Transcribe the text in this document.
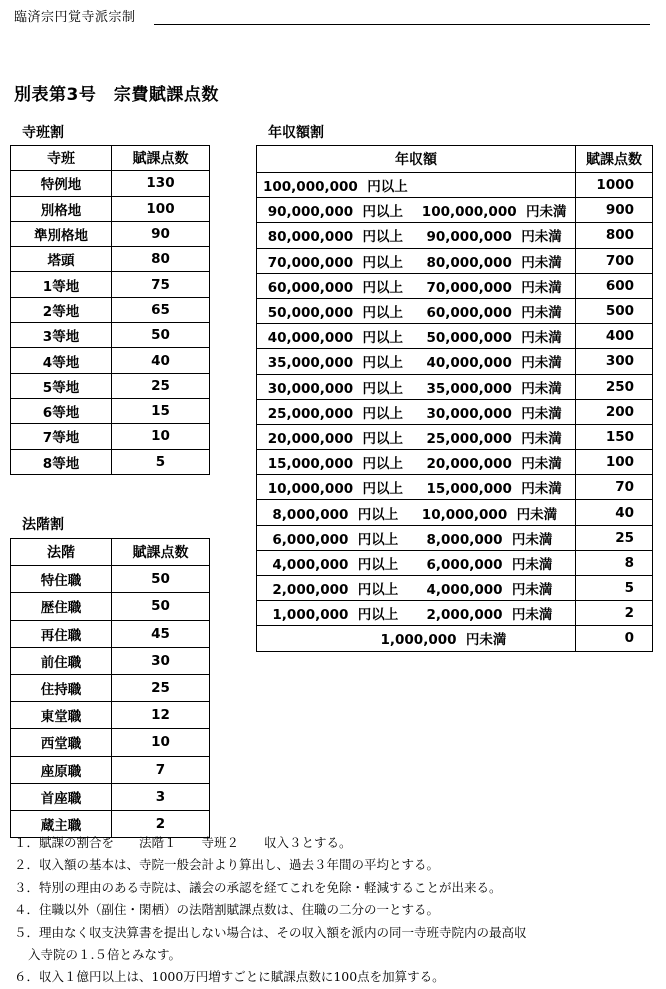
臨済宗円覚寺派宗制
別表第3号　宗費賦課点数
寺班割
寺班	賦課点数
特例地	130
別格地	100
準別格地	90
塔頭	80
1等地	75
2等地	65
3等地	50
4等地	40
5等地	25
6等地	15
7等地	10
8等地	5
法階割
法階	賦課点数
特住職	50
歴住職	50
再住職	45
前住職	30
住持職	25
東堂職	12
西堂職	10
座原職	7
首座職	3
蔵主職	2
年収額割
年収額	賦課点数
100,000,000  円以上	1000
90,000,000  円以上    100,000,000  円未満	900
80,000,000  円以上     90,000,000  円未満	800
70,000,000  円以上     80,000,000  円未満	700
60,000,000  円以上     70,000,000  円未満	600
50,000,000  円以上     60,000,000  円未満	500
40,000,000  円以上     50,000,000  円未満	400
35,000,000  円以上     40,000,000  円未満	300
30,000,000  円以上     35,000,000  円未満	250
25,000,000  円以上     30,000,000  円未満	200
20,000,000  円以上     25,000,000  円未満	150
15,000,000  円以上     20,000,000  円未満	100
10,000,000  円以上     15,000,000  円未満	70
8,000,000  円以上     10,000,000  円未満	40
6,000,000  円以上      8,000,000  円未満	25
4,000,000  円以上      6,000,000  円未満	8
2,000,000  円以上      4,000,000  円未満	5
1,000,000  円以上      2,000,000  円未満	2
1,000,000  円未満	0
１．賦課の割合を　　法階１　　寺班２　　収入３とする。
２．収入額の基本は、寺院一般会計より算出し、過去３年間の平均とする。
３．特別の理由のある寺院は、議会の承認を経てこれを免除・軽減することが出来る。
４．住職以外（副住・閑栖）の法階割賦課点数は、住職の二分の一とする。
５．理由なく収支決算書を提出しない場合は、その収入額を派内の同一寺班寺院内の最高収
入寺院の１.５倍とみなす。
６．収入１億円以上は、1000万円増すごとに賦課点数に100点を加算する。
